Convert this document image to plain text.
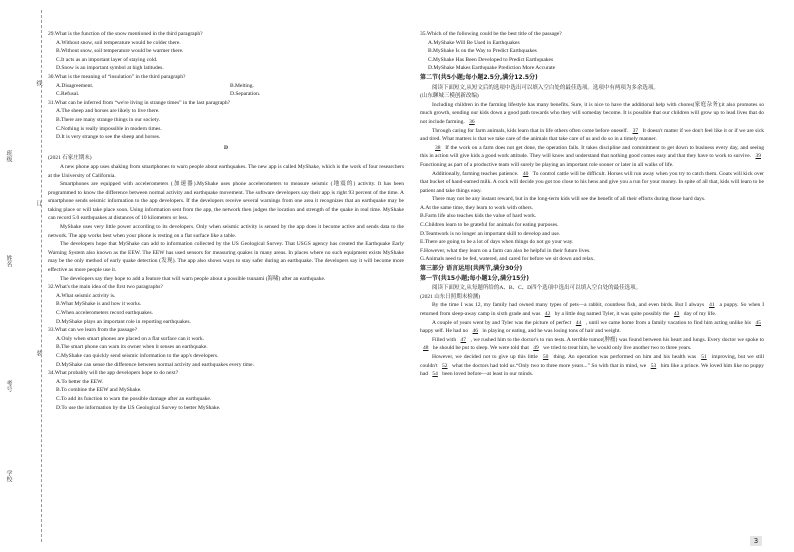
班级
姓名
考号
学校
线
订
装

29.What is the function of the snow mentioned in the third paragraph?

A.Without snow, soil temperature would be colder there.

B.Without snow, soil temperature would be warmer there.

C.It acts as an important layer of staying cold.

D.Snow is an important symbol at high latitudes.

30.What is the meaning of “insulation” in the third paragraph?

A.Disagreement.	B.Melting.
C.Refusal.	D.Separation.

31.What can be inferred from “we're living in strange times” in the last paragraph?

A.The sheep and horses are likely to live there.

B.There are many strange things in our society.

C.Nothing is really impossible in modern times.

D.It is very strange to see the sheep and horses.

D

(2021 石家庄期末)

A new phone app uses shaking from smartphones to warn people about earthquakes. The new app is called MyShake, which is the work of four researchers at the University of California.

Smartphones are equipped with accelerometers (加速器).MyShake uses phone accelerometers to measure seismic (地震的) activity. It has been programmed to know the difference between normal activity and earthquake movement. The software developers say their app is right 93 percent of the time. A smartphone sends seismic information to the app developers. If the developers receive several warnings from one area it recognizes that an earthquake may be taking place or will take place soon. Using information sent from the app, the network then judges the location and strength of the quake in real time. MyShake can record 5.0 earthquakes at distances of 10 kilometers or less.

MyShake uses very little power according to its developers. Only when seismic activity is sensed by the app does it become active and sends data to the network. The app works best when your phone is resting on a flat surface like a table.

The developers hope that MyShake can add to information collected by the US Geological Survey. That USGS agency has created the Earthquake Early Warning System also known as the EEW. The EEW has used sensors for measuring quakes in many areas. In places where no such equipment exists MyShake may be the only method of early quake detection (发现). The app also shows ways to stay safer during an earthquake. The developers say it will become more effective as more people use it.

The developers say they hope to add a feature that will warn people about a possible tsunami (海啸) after an earthquake.

32.What's the main idea of the first two paragraphs?

A.What seismic activity is.

B.What MyShake is and how it works.

C.When accelerometers record earthquakes.

D.MyShake plays an important role in reporting earthquakes.

33.What can we learn from the passage?

A.Only when smart phones are placed on a flat surface can it work.

B.The smart phone can warn its owner when it senses an earthquake.

C.MyShake can quickly send seismic information to the app's developers.

D.MyShake can sense the difference between normal activity and earthquakes every time.

34.What probably will the app developers hope to do next?

A.To better the EEW.

B.To combine the EEW and MyShake.

C.To add its function to warn the possible damage after an earthquake.

D.To use the information by the US Geological Survey to better MyShake.

35.Which of the following could be the best title of the passage?

A.MyShake Will Be Used in Earthquakes

B.MyShake Is on the Way to Predict Earthquakes

C.MyShake Has Been Developed to Predict Earthquakes

D.MyShake Makes Earthquake Prediction More Accurate

第二节(共5小题;每小题2.5分,满分12.5分)

阅读下面短文,从短文后的选项中选出可以填入空白处的最佳选项。选项中有两项为多余选项。

(山东聊城三模创新改编)

Including children in the farming lifestyle has many benefits. Sure, it is nice to have the additional help with chores(家庭杂务);it also promotes so much growth, sending our kids down a good path towards who they will someday become. It is possible that our children will grow up to lead lives that do not include farming. 36

Through caring for farm animals, kids learn that in life others often come before oneself. 37 It doesn't matter if we don't feel like it or if we are sick and tired. What matters is that we take care of the animals that take care of us and do so in a timely manner.

38 If the work on a farm does not get done, the operation fails. It takes discipline and commitment to get down to business every day, and seeing this in action will give kids a good work attitude. They will know and understand that nothing good comes easy and that they have to work to survive. 39 Functioning as part of a productive team will surely be playing an important role sooner or later in all walks of life.

Additionally, farming teaches patience. 40 To control cattle will be difficult. Horses will run away when you try to catch them. Goats will kick over that bucket of hand-earned milk. A cock will decide you got too close to his hens and give you a run for your money. In spite of all that, kids will learn to be patient and take things easy.

There may not be any instant reward, but in the long-term kids will see the benefit of all their efforts during those hard days.

A.At the same time, they learn to work with others.

B.Farm life also teaches kids the value of hard work.

C.Children learn to be grateful for animals for eating purposes.

D.Teamwork is no longer an important skill to develop and use.

E.There are going to be a lot of days when things do not go your way.

F.However, what they learn on a farm can also be helpful in their future lives.

G.Animals need to be fed, watered, and cared for before we sit down and relax.

第三部分 语言运用(共两节,满分30分)

第一节(共15小题;每小题1分,满分15分)

阅读下面短文,从每题所给的A、B、C、D四个选项中选出可以填入空白处的最佳选项。

(2021 山东日照期末检测)

By the time I was 12, my family had owned many types of pets—a rabbit, countless fish, and even birds. But I always 41 a puppy. So when I returned from sleep-away camp in sixth grade and was 42 by a little dog named Tyler, it was quite possibly the 43 day of my life.

A couple of years went by and Tyler was the picture of perfect 44 , until we came home from a family vacation to find him acting unlike his 45 happy self. He had no 46 in playing or eating, and he was losing tons of hair and weight.

Filled with 47 , we rushed him to the doctor's to run tests. A terrible tumor(肿瘤) was found between his heart and lungs. Every doctor we spoke to 48 he should be put to sleep. We were told that 49 we tried to treat him, he would only live another two to three years.

However, we decided not to give up this little 50 thing. An operation was performed on him and his health was 51 improving, but we still couldn't 52 what the doctors had told us.“Only two to three more years...” So with that in mind, we 53 him like a prince. We loved him like no puppy had 54 been loved before—at least in our minds.

3
